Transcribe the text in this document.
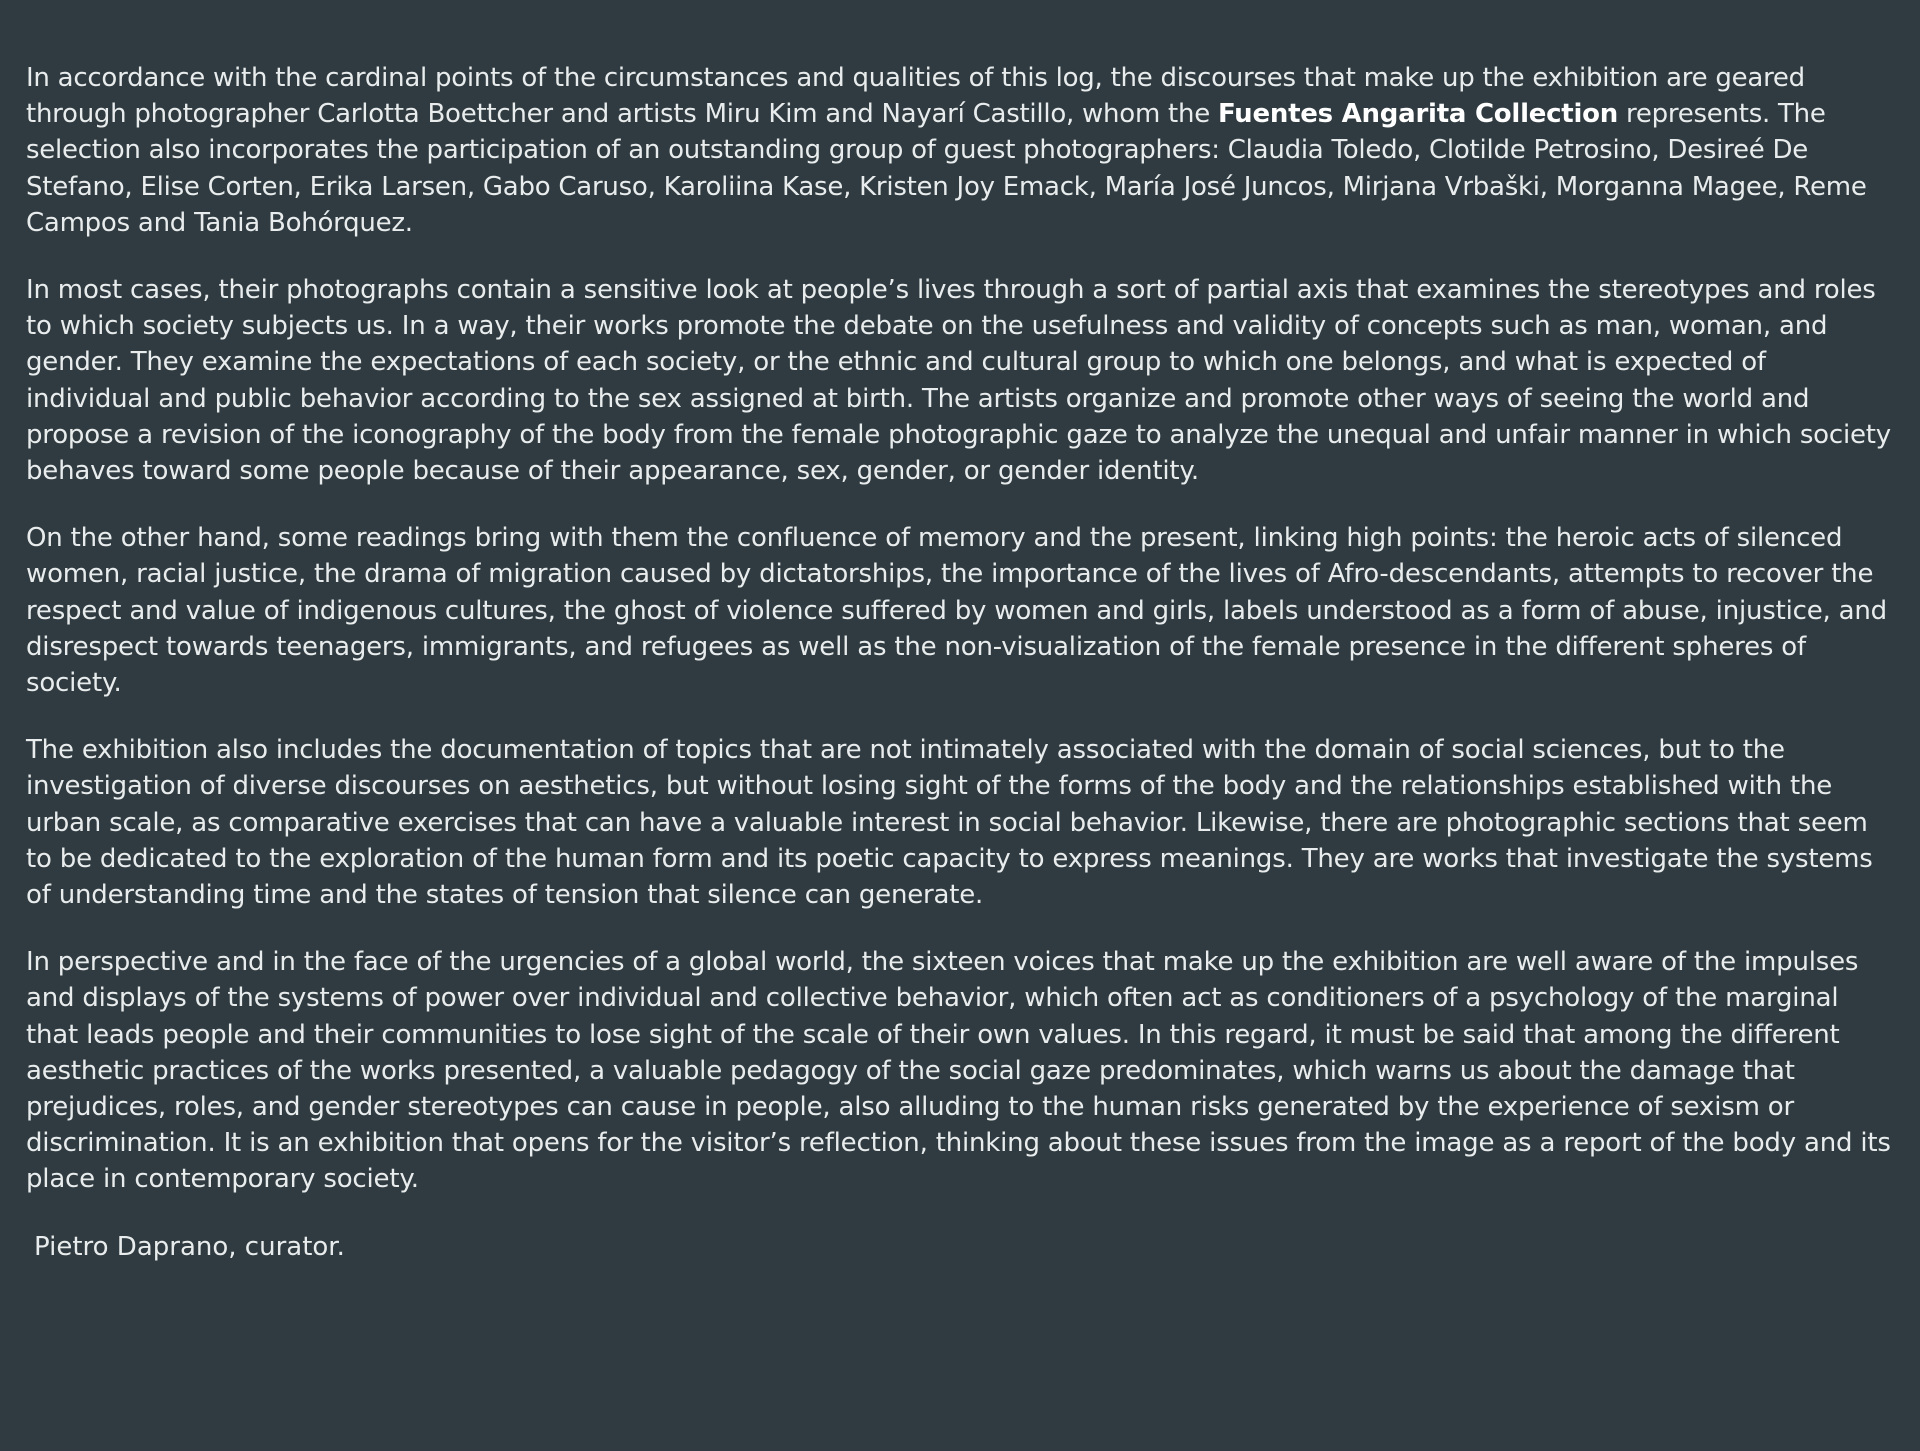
In accordance with the cardinal points of the circumstances and qualities of this log, the discourses that make up the exhibition are geared through photographer Carlotta Boettcher and artists Miru Kim and Nayarí Castillo, whom the Fuentes Angarita Collection represents. The selection also incorporates the participation of an outstanding group of guest photographers: Claudia Toledo, Clotilde Petrosino, Desireé De Stefano, Elise Corten, Erika Larsen, Gabo Caruso, Karoliina Kase, Kristen Joy Emack, María José Juncos, Mirjana Vrbaški, Morganna Magee, Reme Campos and Tania Bohórquez.

In most cases, their photographs contain a sensitive look at people’s lives through a sort of partial axis that examines the stereotypes and roles to which society subjects us. In a way, their works promote the debate on the usefulness and validity of concepts such as man, woman, and gender. They examine the expectations of each society, or the ethnic and cultural group to which one belongs, and what is expected of individual and public behavior according to the sex assigned at birth. The artists organize and promote other ways of seeing the world and propose a revision of the iconography of the body from the female photographic gaze to analyze the unequal and unfair manner in which society behaves toward some people because of their appearance, sex, gender, or gender identity.

On the other hand, some readings bring with them the confluence of memory and the present, linking high points: the heroic acts of silenced women, racial justice, the drama of migration caused by dictatorships, the importance of the lives of Afro-descendants, attempts to recover the respect and value of indigenous cultures, the ghost of violence suffered by women and girls, labels understood as a form of abuse, injustice, and disrespect towards teenagers, immigrants, and refugees as well as the non-visualization of the female presence in the different spheres of society.

The exhibition also includes the documentation of topics that are not intimately associated with the domain of social sciences, but to the investigation of diverse discourses on aesthetics, but without losing sight of the forms of the body and the relationships established with the urban scale, as comparative exercises that can have a valuable interest in social behavior. Likewise, there are photographic sections that seem to be dedicated to the exploration of the human form and its poetic capacity to express meanings. They are works that investigate the systems of understanding time and the states of tension that silence can generate.

In perspective and in the face of the urgencies of a global world, the sixteen voices that make up the exhibition are well aware of the impulses and displays of the systems of power over individual and collective behavior, which often act as conditioners of a psychology of the marginal that leads people and their communities to lose sight of the scale of their own values. In this regard, it must be said that among the different aesthetic practices of the works presented, a valuable pedagogy of the social gaze predominates, which warns us about the damage that prejudices, roles, and gender stereotypes can cause in people, also alluding to the human risks generated by the experience of sexism or discrimination. It is an exhibition that opens for the visitor’s reflection, thinking about these issues from the image as a report of the body and its place in contemporary society.

Pietro Daprano, curator.
